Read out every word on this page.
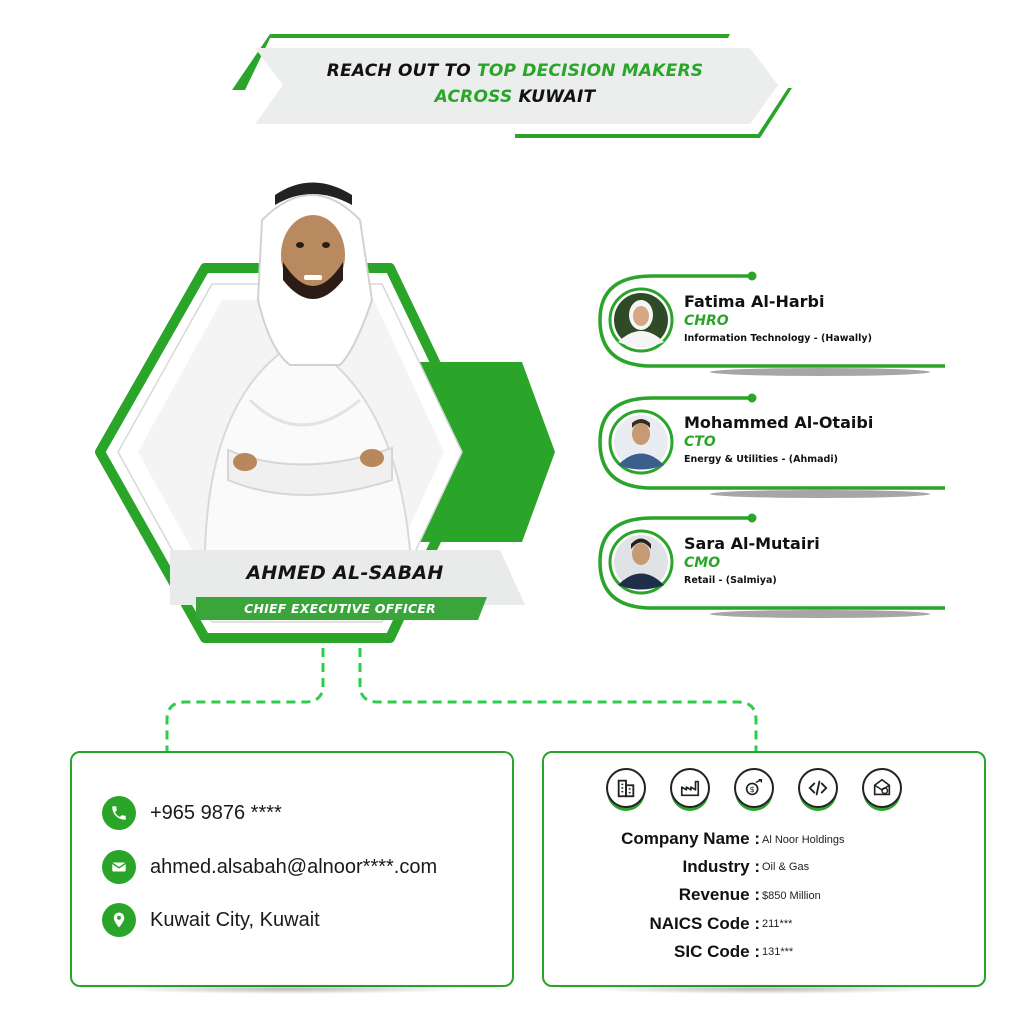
REACH OUT TO TOP DECISION MAKERS
ACROSS KUWAIT
AHMED AL-SABAH
CHIEF EXECUTIVE OFFICER
Fatima Al-Harbi
CHRO
Information Technology - (Hawally)
Mohammed Al-Otaibi
CTO
Energy & Utilities - (Ahmadi)
Sara Al-Mutairi
CMO
Retail - (Salmiya)
+965 9876 ****
ahmed.alsabah@alnoor****.com
Kuwait City, Kuwait
$
Company Name : Al Noor Holdings
Industry : Oil & Gas
Revenue : $850 Million
NAICS Code : 211***
SIC Code : 131***
